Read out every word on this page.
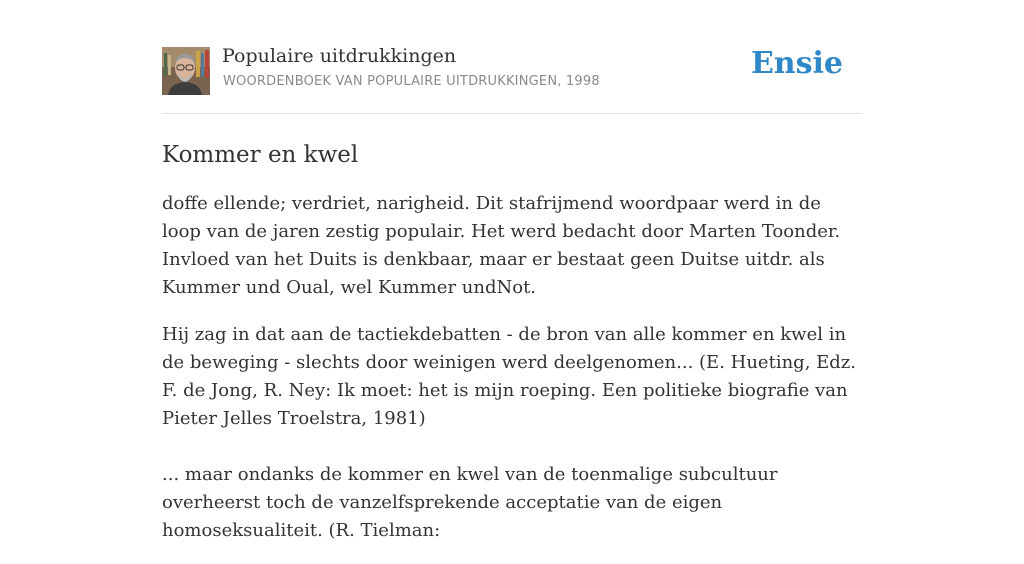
Populaire uitdrukkingen
WOORDENBOEK VAN POPULAIRE UITDRUKKINGEN, 1998
Ensie
Kommer en kwel

doffe ellende; verdriet, narigheid. Dit stafrijmend woordpaar werd in de loop van de jaren zestig populair. Het werd bedacht door Marten Toonder. Invloed van het Duits is denkbaar, maar er bestaat geen Duitse uitdr. als Kummer und Oual, wel Kummer undNot.

Hij zag in dat aan de tactiekdebatten - de bron van alle kommer en kwel in de beweging - slechts door weinigen werd deelgenomen... (E. Hueting, Edz. F. de Jong, R. Ney: Ik moet: het is mijn roeping. Een politieke biografie van Pieter Jelles Troelstra, 1981)

... maar ondanks de kommer en kwel van de toenmalige subcultuur overheerst toch de vanzelfsprekende acceptatie van de eigen homoseksualiteit. (R. Tielman:
